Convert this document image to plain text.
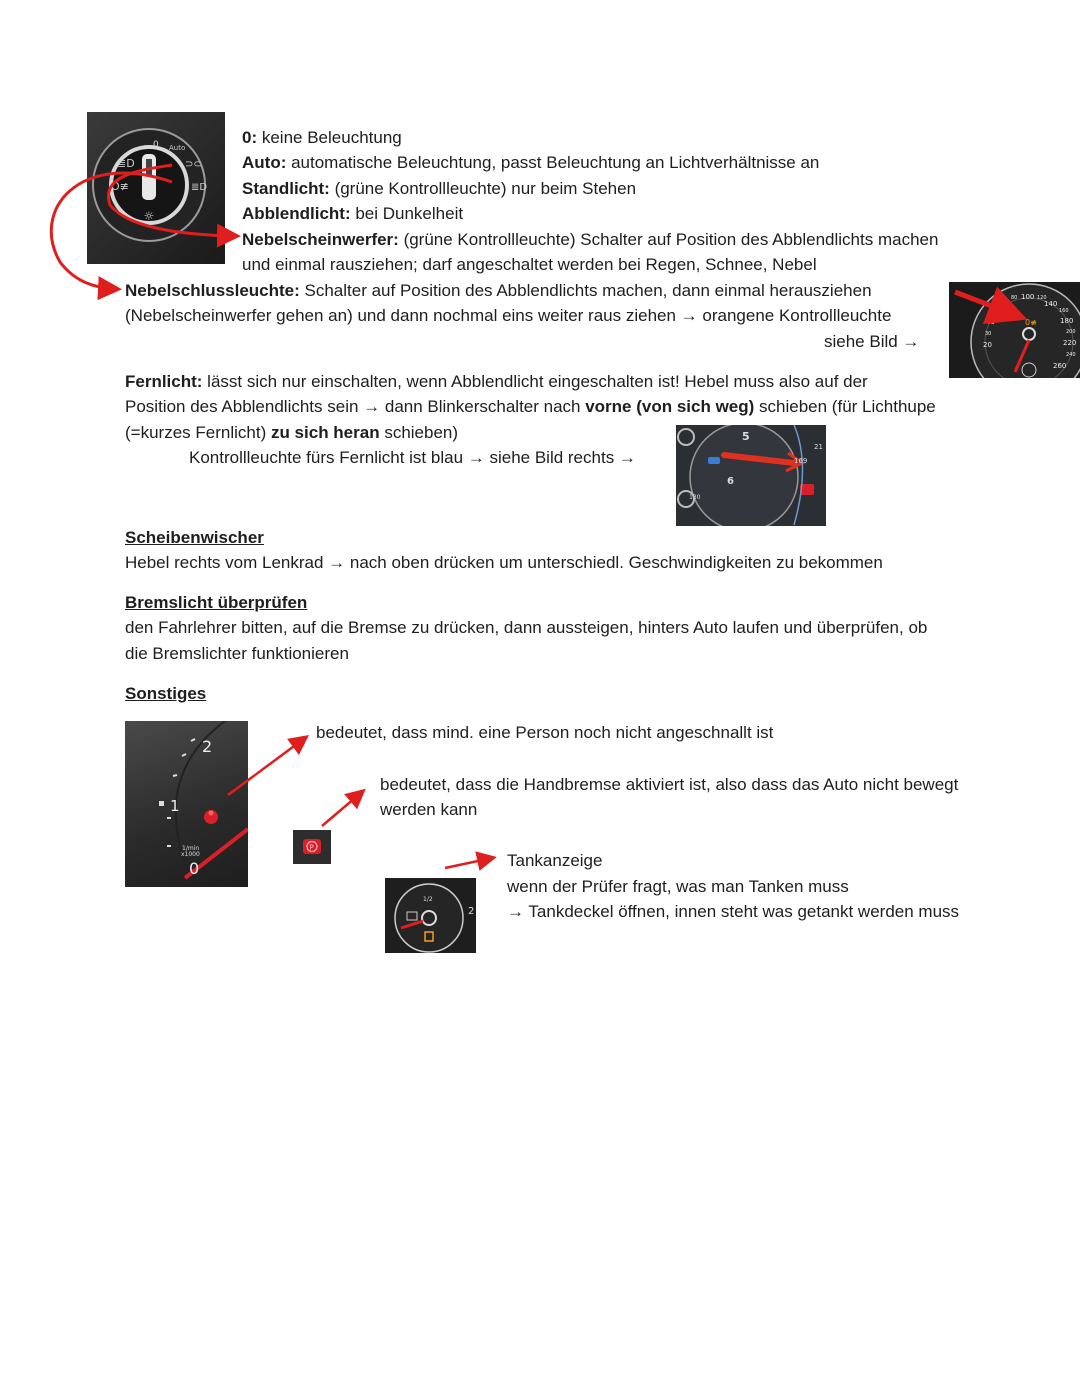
☼
≣D
O≢
⊃⊂
≣D
0 Auto
0: keine Beleuchtung
Auto: automatische Beleuchtung, passt Beleuchtung an Lichtverhältnisse an
Standlicht: (grüne Kontrollleuchte) nur beim Stehen
Abblendlicht: bei Dunkelheit
Nebelscheinwerfer: (grüne Kontrollleuchte) Schalter auf Position des Abblendlichts machen
und einmal rausziehen; darf angeschaltet werden bei Regen, Schnee, Nebel
Nebelschlussleuchte: Schalter auf Position des Abblendlichts machen, dann einmal herausziehen
(Nebelscheinwerfer gehen an) und dann nochmal eins weiter raus ziehen → orangene Kontrollleuchte
siehe Bild →
0≢
40
60
80 100 120
140
160
180
200
220
240
260
20
30
Fernlicht: lässt sich nur einschalten, wenn Abblendlicht eingeschalten ist! Hebel muss also auf der
Position des Abblendlichts sein → dann Blinkerschalter nach vorne (von sich weg) schieben (für Lichthupe
(=kurzes Fernlicht) zu sich heran schieben)
Kontrollleuchte fürs Fernlicht ist blau → siehe Bild rechts →
5
6
21
130
169
Scheibenwischer
Hebel rechts vom Lenkrad → nach oben drücken um unterschiedl. Geschwindigkeiten zu bekommen
Bremslicht überprüfen
den Fahrlehrer bitten, auf die Bremse zu drücken, dann aussteigen, hinters Auto laufen und überprüfen, ob
die Bremslichter funktionieren
Sonstiges
2
1
1/min
x1000
0
bedeutet, dass mind. eine Person noch nicht angeschnallt ist
P
bedeutet, dass die Handbremse aktiviert ist, also dass das Auto nicht bewegt
werden kann
1/2
2
Tankanzeige
wenn der Prüfer fragt, was man Tanken muss
→ Tankdeckel öffnen, innen steht was getankt werden muss
